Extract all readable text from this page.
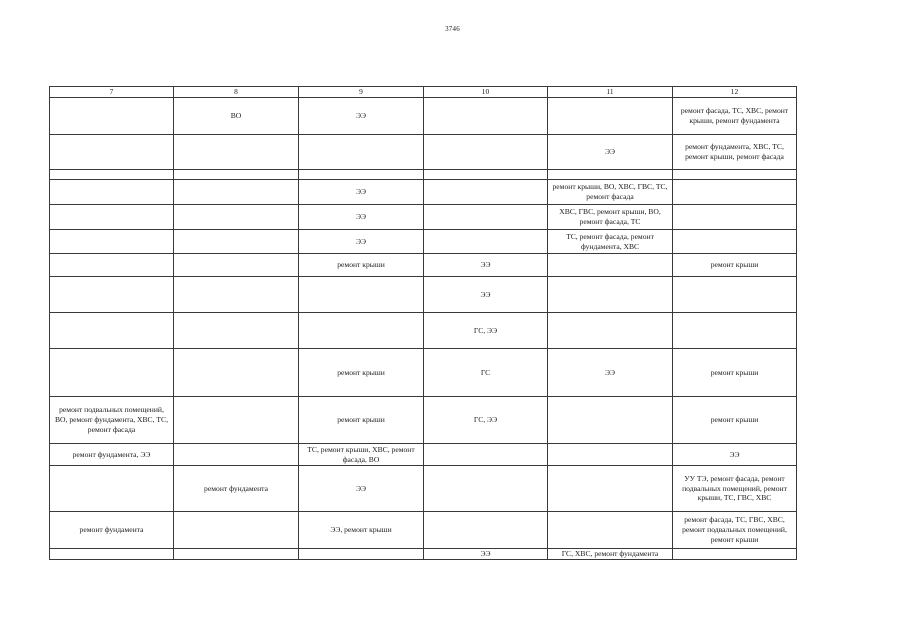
3746
7	8	9	10	11	12
	ВО	ЭЭ			ремонт фасада, ТС, ХВС, ремонт крыши, ремонт фундамента
				ЭЭ	ремонт фундамента, ХВС, ТС, ремонт крыши, ремонт фасада

		ЭЭ		ремонт крыши, ВО, ХВС, ГВС, ТС, ремонт фасада	
		ЭЭ		ХВС, ГВС, ремонт крыши, ВО, ремонт фасада, ТС	
		ЭЭ		ТС, ремонт фасада, ремонт фундамента, ХВС	
		ремонт крыши	ЭЭ		ремонт крыши
			ЭЭ		
			ГС, ЭЭ		
		ремонт крыши	ГС	ЭЭ	ремонт крыши
ремонт подвальных помещений, ВО, ремонт фундамента, ХВС, ТС, ремонт фасада		ремонт крыши	ГС, ЭЭ		ремонт крыши
ремонт фундамента, ЭЭ		ТС, ремонт крыши, ХВС, ремонт фасада, ВО			ЭЭ
	ремонт фундамента	ЭЭ			УУ ТЭ, ремонт фасада, ремонт подвальных помещений, ремонт крыши, ТС, ГВС, ХВС
ремонт фундамента		ЭЭ, ремонт крыши			ремонт фасада, ТС, ГВС, ХВС, ремонт подвальных помещений, ремонт крыши
			ЭЭ	ГС, ХВС, ремонт фундамента	
